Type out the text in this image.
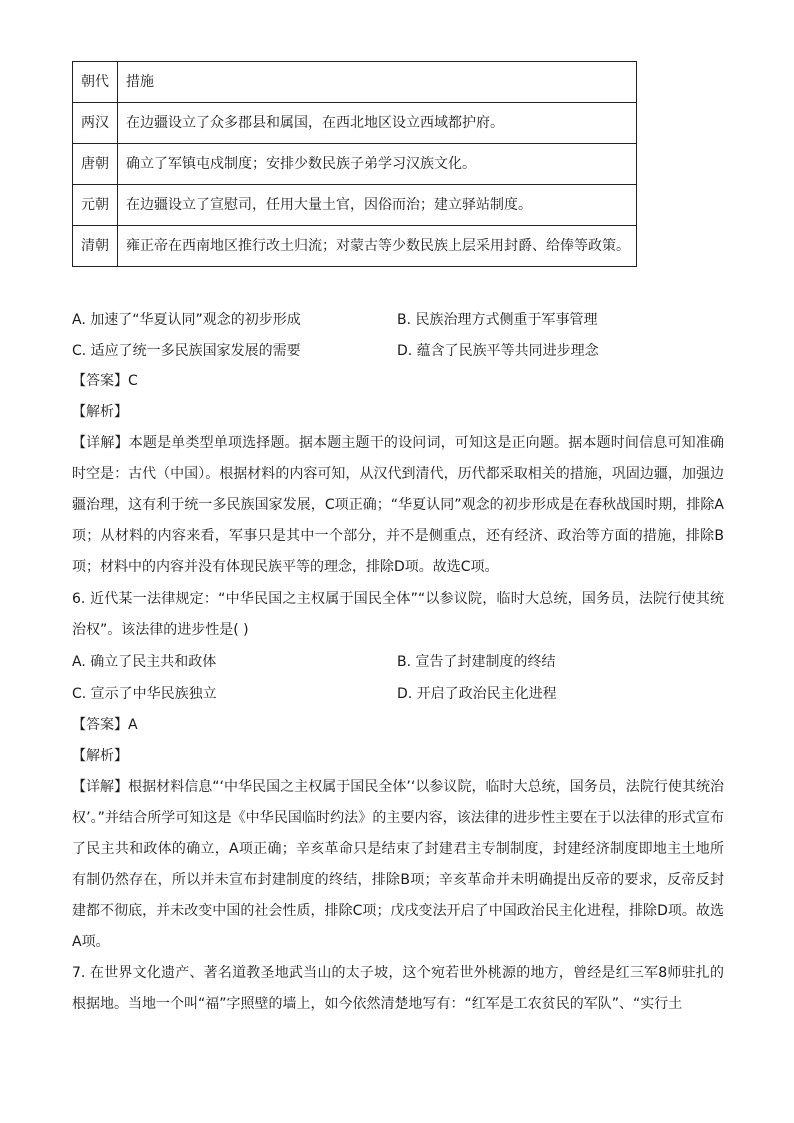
朝代	措施
两汉	在边疆设立了众多郡县和属国，在西北地区设立西域都护府。
唐朝	确立了军镇屯戍制度；安排少数民族子弟学习汉族文化。
元朝	在边疆设立了宣慰司，任用大量土官，因俗而治；建立驿站制度。
清朝	雍正帝在西南地区推行改土归流；对蒙古等少数民族上层采用封爵、给俸等政策。
A. 加速了“华夏认同”观念的初步形成	B. 民族治理方式侧重于军事管理
C. 适应了统一多民族国家发展的需要	D. 蕴含了民族平等共同进步理念
【答案】C
【解析】
【详解】本题是单类型单项选择题。据本题主题干的设问词，可知这是正向题。据本题时间信息可知准确时空是：古代（中国）。根据材料的内容可知，从汉代到清代，历代都采取相关的措施，巩固边疆，加强边疆治理，这有利于统一多民族国家发展，C项正确；“华夏认同”观念的初步形成是在春秋战国时期，排除A项；从材料的内容来看，军事只是其中一个部分，并不是侧重点，还有经济、政治等方面的措施，排除B项；材料中的内容并没有体现民族平等的理念，排除D项。故选C项。
6. 近代某一法律规定：“中华民国之主权属于国民全体”“以参议院，临时大总统，国务员，法院行使其统治权”。该法律的进步性是( )
A. 确立了民主共和政体	B. 宣告了封建制度的终结
C. 宣示了中华民族独立	D. 开启了政治民主化进程
【答案】A
【解析】
【详解】根据材料信息“‘中华民国之主权属于国民全体’‘以参议院，临时大总统，国务员，法院行使其统治权’。”并结合所学可知这是《中华民国临时约法》的主要内容，该法律的进步性主要在于以法律的形式宣布了民主共和政体的确立，A项正确；辛亥革命只是结束了封建君主专制制度，封建经济制度即地主土地所有制仍然存在，所以并未宣布封建制度的终结，排除B项；辛亥革命并未明确提出反帝的要求，反帝反封建都不彻底，并未改变中国的社会性质，排除C项；戊戌变法开启了中国政治民主化进程，排除D项。故选A项。
7. 在世界文化遗产、著名道教圣地武当山的太子坡，这个宛若世外桃源的地方，曾经是红三军8师驻扎的根据地。当地一个叫“福”字照壁的墙上，如今依然清楚地写有：“红军是工农贫民的军队”、“实行土
